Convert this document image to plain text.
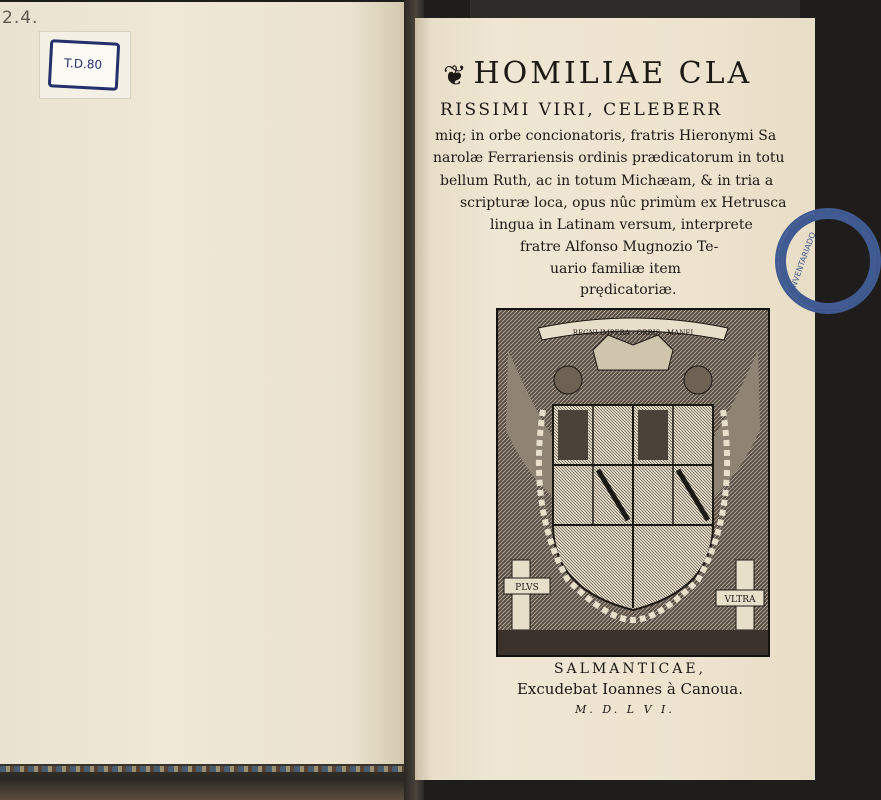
2.4.
T.D.80	❦ HOMILIAE CLA
RISSIMI VIRI, CELEBERR
miq; in orbe concionatoris, fratris Hieronymi Sa
narolæ Ferrariensis ordinis prædicatorum in totu
bellum Ruth, ac in totum Michæam, & in tria a
scripturæ loca, opus nûc primùm ex Hetrusca
lingua in Latinam versum, interprete
fratre Alfonso Mugnozio Te-
uario familiæ item
prędicatoriæ.	INVENTARIADO
REGNI IMPERA · ORBIS · MANEI
PLVS
VLTRA
SALMANTICAE,
Excudebat Ioannes à Canoua.
M. D. L V I.
